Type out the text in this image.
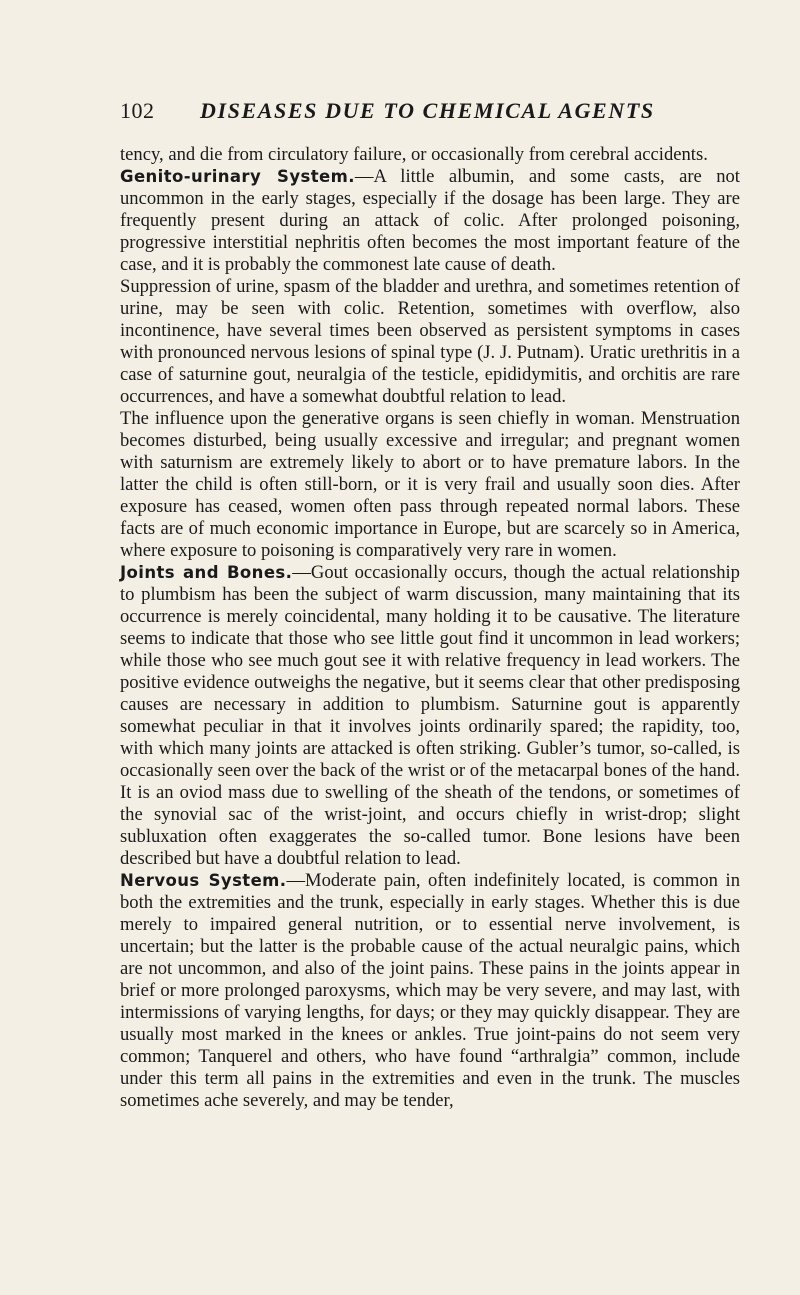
102 DISEASES DUE TO CHEMICAL AGENTS

tency, and die from circulatory failure, or occasionally from cerebral accidents.

Genito-urinary System.—A little albumin, and some casts, are not uncommon in the early stages, especially if the dosage has been large. They are frequently present during an attack of colic. After prolonged poisoning, progressive interstitial nephritis often becomes the most important feature of the case, and it is probably the commonest late cause of death.

Suppression of urine, spasm of the bladder and urethra, and sometimes retention of urine, may be seen with colic. Retention, sometimes with overflow, also incontinence, have several times been observed as persistent symptoms in cases with pronounced nervous lesions of spinal type (J. J. Putnam). Uratic urethritis in a case of saturnine gout, neuralgia of the testicle, epididymitis, and orchitis are rare occurrences, and have a somewhat doubtful relation to lead.

The influence upon the generative organs is seen chiefly in woman. Menstruation becomes disturbed, being usually excessive and irregular; and pregnant women with saturnism are extremely likely to abort or to have premature labors. In the latter the child is often still-born, or it is very frail and usually soon dies. After exposure has ceased, women often pass through repeated normal labors. These facts are of much economic importance in Europe, but are scarcely so in America, where exposure to poisoning is comparatively very rare in women.

Joints and Bones.—Gout occasionally occurs, though the actual relationship to plumbism has been the subject of warm discussion, many maintaining that its occurrence is merely coincidental, many holding it to be causative. The literature seems to indicate that those who see little gout find it uncommon in lead workers; while those who see much gout see it with relative frequency in lead workers. The positive evidence outweighs the negative, but it seems clear that other predisposing causes are necessary in addition to plumbism. Saturnine gout is apparently somewhat peculiar in that it involves joints ordinarily spared; the rapidity, too, with which many joints are attacked is often striking. Gubler’s tumor, so-called, is occasionally seen over the back of the wrist or of the metacarpal bones of the hand. It is an oviod mass due to swelling of the sheath of the tendons, or sometimes of the synovial sac of the wrist-joint, and occurs chiefly in wrist-drop; slight subluxation often exaggerates the so-called tumor. Bone lesions have been described but have a doubtful relation to lead.

Nervous System.—Moderate pain, often indefinitely located, is common in both the extremities and the trunk, especially in early stages. Whether this is due merely to impaired general nutrition, or to essential nerve involvement, is uncertain; but the latter is the probable cause of the actual neuralgic pains, which are not uncommon, and also of the joint pains. These pains in the joints appear in brief or more prolonged paroxysms, which may be very severe, and may last, with intermissions of varying lengths, for days; or they may quickly disappear. They are usually most marked in the knees or ankles. True joint-pains do not seem very common; Tanquerel and others, who have found “arthralgia” common, include under this term all pains in the extremities and even in the trunk. The muscles sometimes ache severely, and may be tender,
